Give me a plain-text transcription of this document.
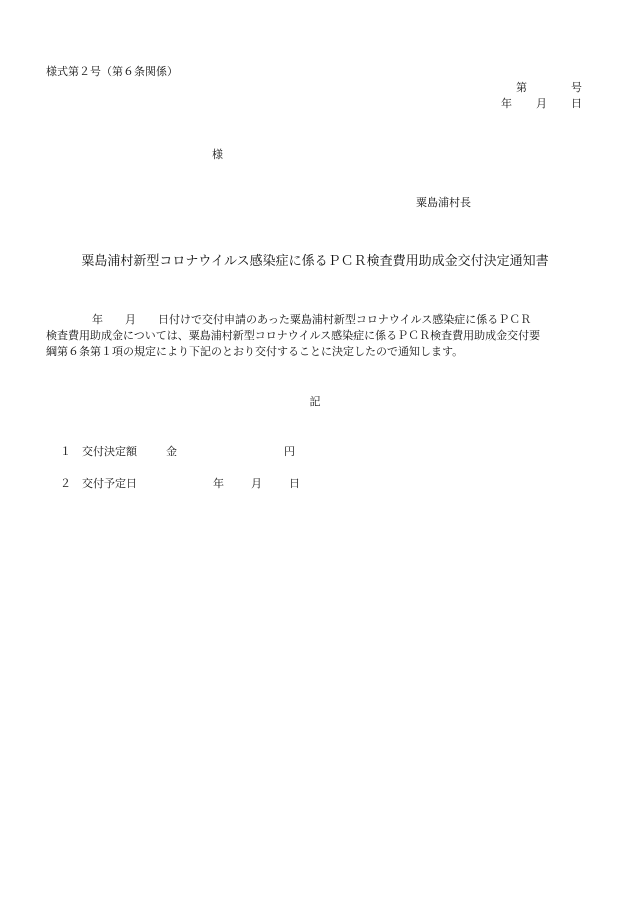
様式第２号（第６条関係）
第	号
年 月 日
様
粟島浦村長
粟島浦村新型コロナウイルス感染症に係るＰＣＲ検査費用助成金交付決定通知書
年　　月　　日付けで交付申請のあった粟島浦村新型コロナウイルス感染症に係るＰＣＲ
検査費用助成金については、粟島浦村新型コロナウイルス感染症に係るＰＣＲ検査費用助成金交付要
綱第６条第１項の規定により下記のとおり交付することに決定したので通知します。
記
１ 交付決定額	金	円
２ 交付予定日	年 月 日
